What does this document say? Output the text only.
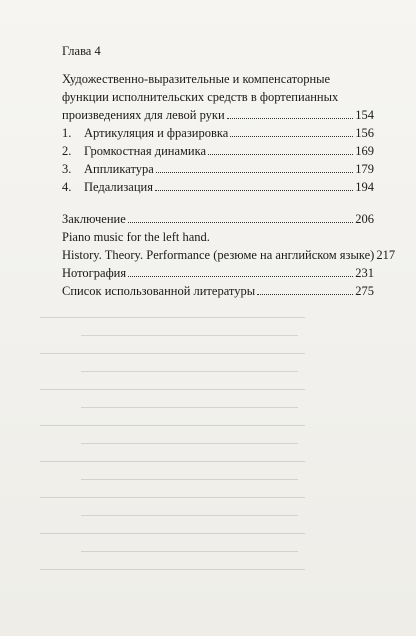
Глава 4
Художественно-выразительные и компенсаторные
функции исполнительских средств в фортепианных
произведениях для левой руки	154
1. Артикуляция и фразировка	156
2. Громкостная динамика	169
3. Аппликатура	179
4. Педализация	194
Заключение	206
Piano music for the left hand.
History. Theory. Performance (резюме на английском языке) 217
Нотография	231
Список использованной литературы	275
